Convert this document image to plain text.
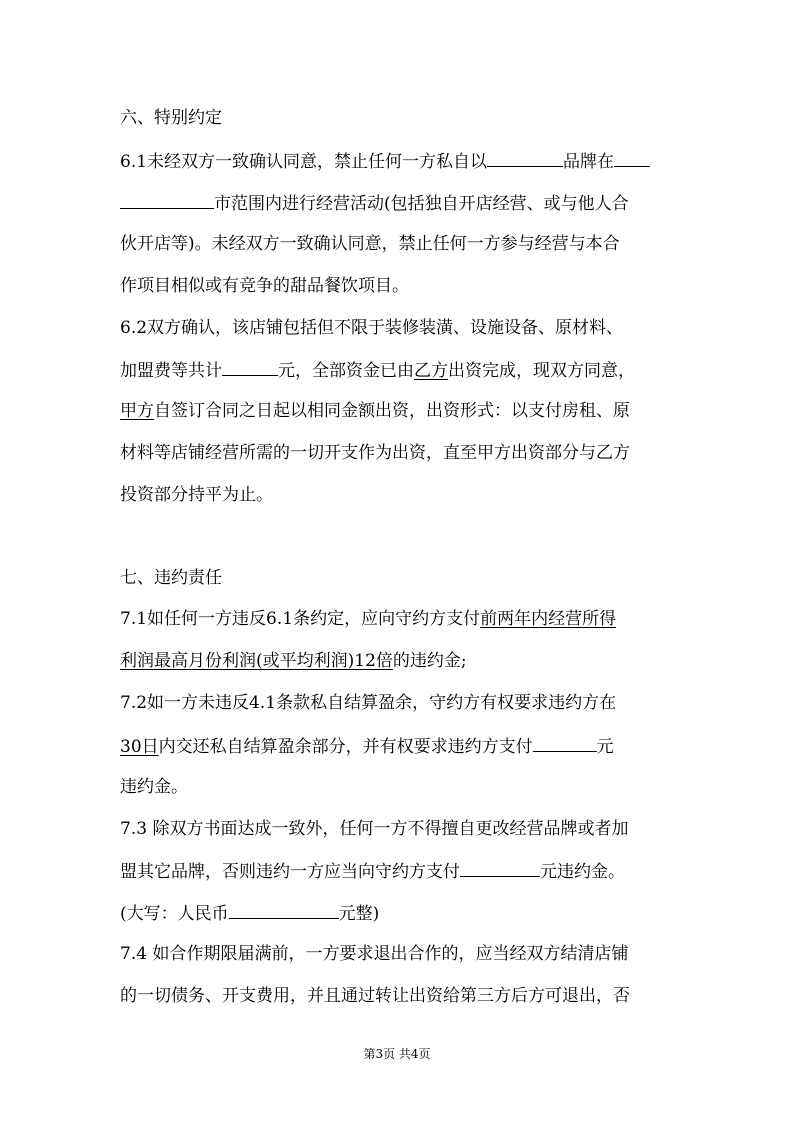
六、特别约定
6.1未经双方一致确认同意，禁止任何一方私自以	品牌在
市范围内进行经营活动(包括独自开店经营、或与他人合
伙开店等)。未经双方一致确认同意，禁止任何一方参与经营与本合
作项目相似或有竞争的甜品餐饮项目。
6.2双方确认，该店铺包括但不限于装修装潢、设施设备、原材料、
加盟费等共计	元，全部资金已由乙方出资完成，现双方同意，
甲方自签订合同之日起以相同金额出资，出资形式：以支付房租、原
材料等店铺经营所需的一切开支作为出资，直至甲方出资部分与乙方
投资部分持平为止。
七、违约责任
7.1如任何一方违反6.1条约定，应向守约方支付前两年内经营所得
利润最高月份利润(或平均利润)12倍的违约金;
7.2如一方未违反4.1条款私自结算盈余，守约方有权要求违约方在
30日内交还私自结算盈余部分，并有权要求违约方支付	元
违约金。
7.3 除双方书面达成一致外，任何一方不得擅自更改经营品牌或者加
盟其它品牌，否则违约一方应当向守约方支付	元违约金。
(大写：人民币	元整)
7.4 如合作期限届满前，一方要求退出合作的，应当经双方结清店铺
的一切债务、开支费用，并且通过转让出资给第三方后方可退出，否
第3页 共4页
